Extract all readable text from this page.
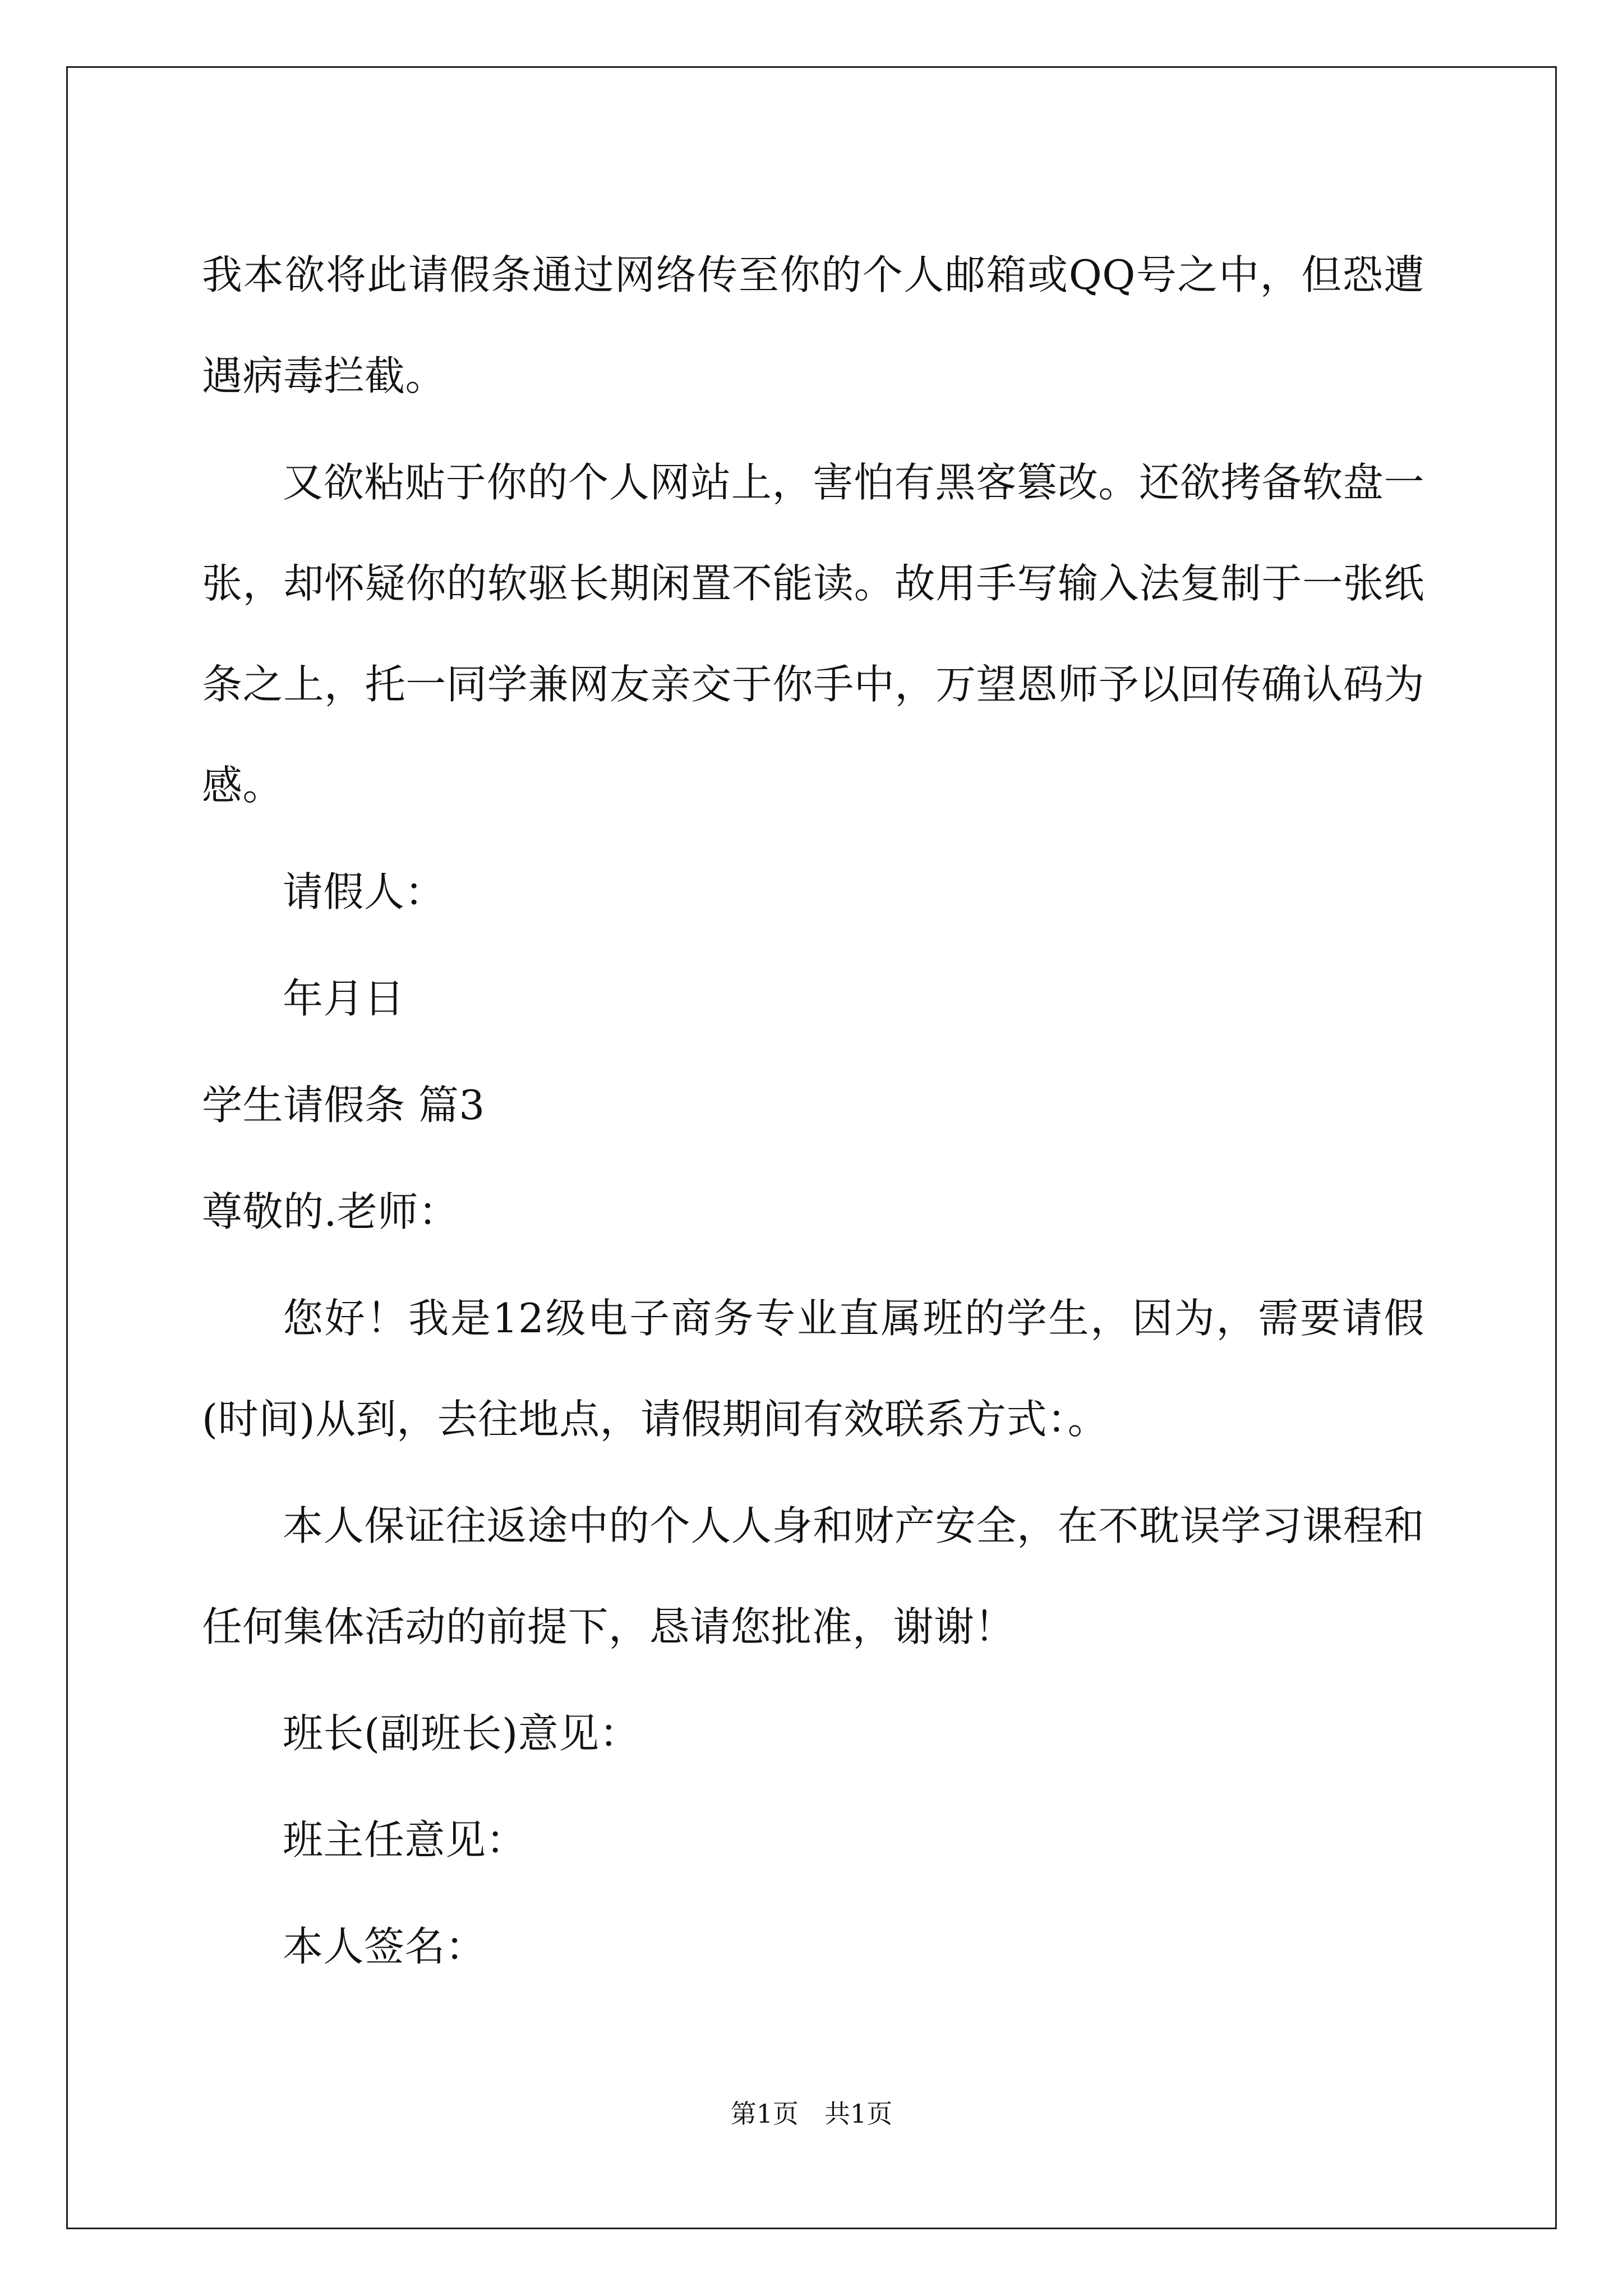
我本欲将此请假条通过网络传至你的个人邮箱或QQ号之中，但恐遭遇病毒拦截。

又欲粘贴于你的个人网站上，害怕有黑客篡改。还欲拷备软盘一张，却怀疑你的软驱长期闲置不能读。故用手写输入法复制于一张纸条之上，托一同学兼网友亲交于你手中，万望恩师予以回传确认码为感。

请假人：

年月日

学生请假条 篇3

尊敬的.老师：

您好！我是12级电子商务专业直属班的学生，因为，需要请假(时间)从到，去往地点，请假期间有效联系方式：。

本人保证往返途中的个人人身和财产安全，在不耽误学习课程和任何集体活动的前提下，恳请您批准，谢谢！

班长(副班长)意见：

班主任意见：

本人签名：

第1页　共1页
